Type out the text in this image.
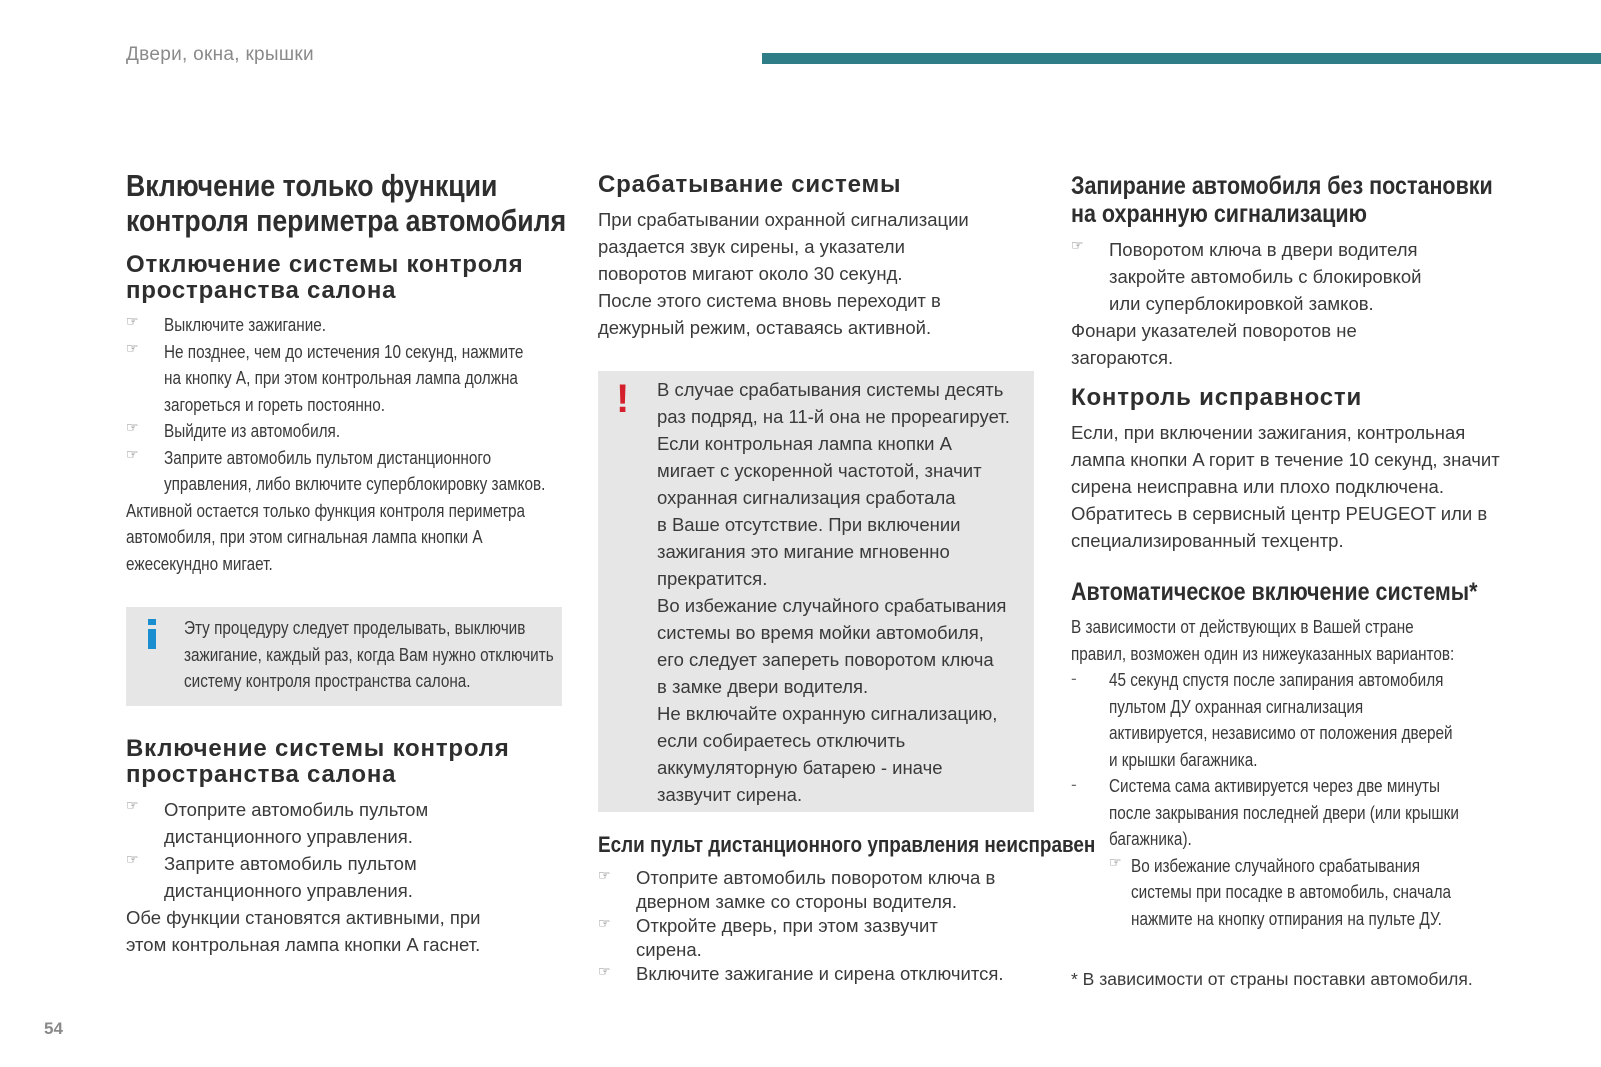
Двери, окна, крышки
Включение только функции
контроля периметра автомобиля
Отключение системы контроля
пространства салона
☞ Выключите зажигание.
☞ Не позднее, чем до истечения 10 секунд, нажмите
на кнопку A, при этом контрольная лампа должна
загореться и гореть постоянно.
☞ Выйдите из автомобиля.
☞ Заприте автомобиль пультом дистанционного
управления, либо включите суперблокировку замков.
Активной остается только функция контроля периметра
автомобиля, при этом сигнальная лампа кнопки A
ежесекундно мигает.
Эту процедуру следует проделывать, выключив
зажигание, каждый раз, когда Вам нужно отключить
систему контроля пространства салона.
Включение системы контроля
пространства салона
☞ Отоприте автомобиль пультом

дистанционного управления.

☞ Заприте автомобиль пультом

дистанционного управления.

Обе функции становятся активными, при

этом контрольная лампа кнопки A гаснет.

Срабатывание системы

При срабатывании охранной сигнализации

раздается звук сирены, а указатели

поворотов мигают около 30 секунд.

После этого система вновь переходит в

дежурный режим, оставаясь активной.

! В случае срабатывания системы десять

раз подряд, на 11-й она не прореагирует.

Если контрольная лампа кнопки A

мигает с ускоренной частотой, значит

охранная сигнализация сработала

в Ваше отсутствие. При включении

зажигания это мигание мгновенно

прекратится.

Во избежание случайного срабатывания

системы во время мойки автомобиля,

его следует запереть поворотом ключа

в замке двери водителя.

Не включайте охранную сигнализацию,

если собираетесь отключить

аккумуляторную батарею - иначе

зазвучит сирена.

Если пульт дистанционного управления неисправен
☞ Отоприте автомобиль поворотом ключа в

дверном замке со стороны водителя.

☞ Откройте дверь, при этом зазвучит

сирена.

☞ Включите зажигание и сирена отключится.

Запирание автомобиля без постановки
на охранную сигнализацию
☞ Поворотом ключа в двери водителя

закройте автомобиль с блокировкой

или суперблокировкой замков.

Фонари указателей поворотов не

загораются.

Контроль исправности

Если, при включении зажигания, контрольная

лампа кнопки A горит в течение 10 секунд, значит

сирена неисправна или плохо подключена.

Обратитесь в сервисный центр PEUGEOT или в

специализированный техцентр.

Автоматическое включение системы*
В зависимости от действующих в Вашей стране
правил, возможен один из нижеуказанных вариантов:
- 45 секунд спустя после запирания автомобиля
пультом ДУ охранная сигнализация
активируется, независимо от положения дверей
и крышки багажника.
- Система сама активируется через две минуты
после закрывания последней двери (или крышки
багажника).
☞ Во избежание случайного срабатывания
системы при посадке в автомобиль, сначала
нажмите на кнопку отпирания на пульте ДУ.

* В зависимости от страны поставки автомобиля.

54
